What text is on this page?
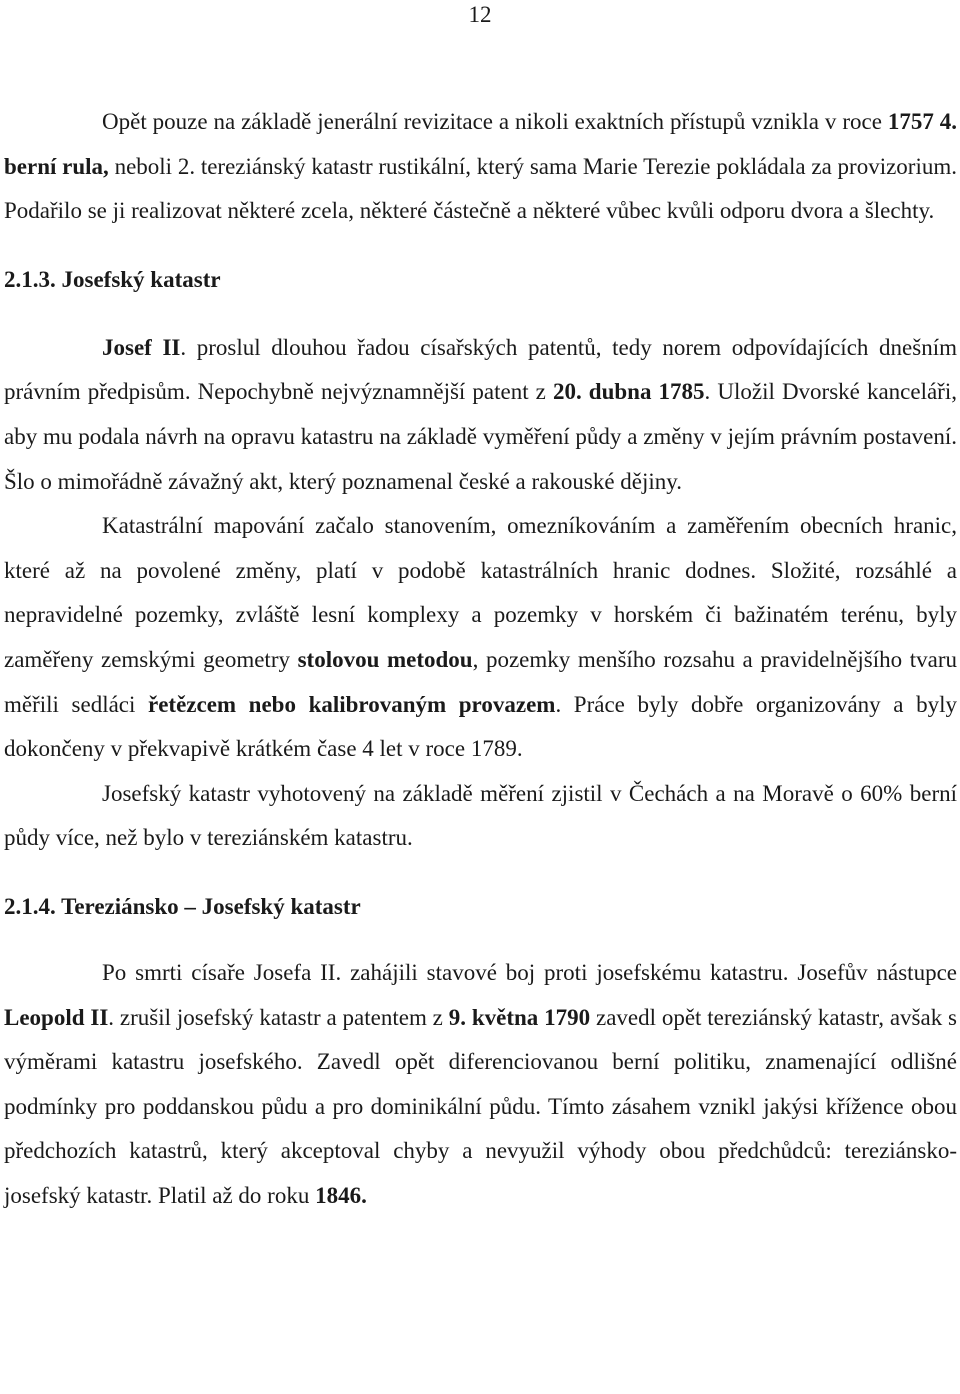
12

Opět pouze na základě jenerální revizitace a nikoli exaktních přístupů vznikla v roce 1757 4. berní rula, neboli 2. tereziánský katastr rustikální, který sama Marie Terezie pokládala za provizorium. Podařilo se ji realizovat některé zcela, některé částečně a některé vůbec kvůli odporu dvora a šlechty.

2.1.3. Josefský katastr

Josef II. proslul dlouhou řadou císařských patentů, tedy norem odpovídajících dnešním právním předpisům. Nepochybně nejvýznamnější patent z 20. dubna 1785. Uložil Dvorské kanceláři, aby mu podala návrh na opravu katastru na základě vyměření půdy a změny v jejím právním postavení. Šlo o mimořádně závažný akt, který poznamenal české a rakouské dějiny.

Katastrální mapování začalo stanovením, omezníkováním a zaměřením obecních hranic, které až na povolené změny, platí v podobě katastrálních hranic dodnes. Složité, rozsáhlé a nepravidelné pozemky, zvláště lesní komplexy a pozemky v horském či bažinatém terénu, byly zaměřeny zemskými geometry stolovou metodou, pozemky menšího rozsahu a pravidelnějšího tvaru měřili sedláci řetězcem nebo kalibrovaným provazem. Práce byly dobře organizovány a byly dokončeny v překvapivě krátkém čase 4 let v roce 1789.

Josefský katastr vyhotovený na základě měření zjistil v Čechách a na Moravě o 60% berní půdy více, než bylo v tereziánském katastru.

2.1.4. Tereziánsko – Josefský katastr

Po smrti císaře Josefa II. zahájili stavové boj proti josefskému katastru. Josefův nástupce Leopold II. zrušil josefský katastr a patentem z 9. května 1790 zavedl opět tereziánský katastr, avšak s výměrami katastru josefského. Zavedl opět diferenciovanou berní politiku, znamenající odlišné podmínky pro poddanskou půdu a pro dominikální půdu. Tímto zásahem vznikl jakýsi křížence obou předchozích katastrů, který akceptoval chyby a nevyužil výhody obou předchůdců: tereziánsko-josefský katastr. Platil až do roku 1846.
